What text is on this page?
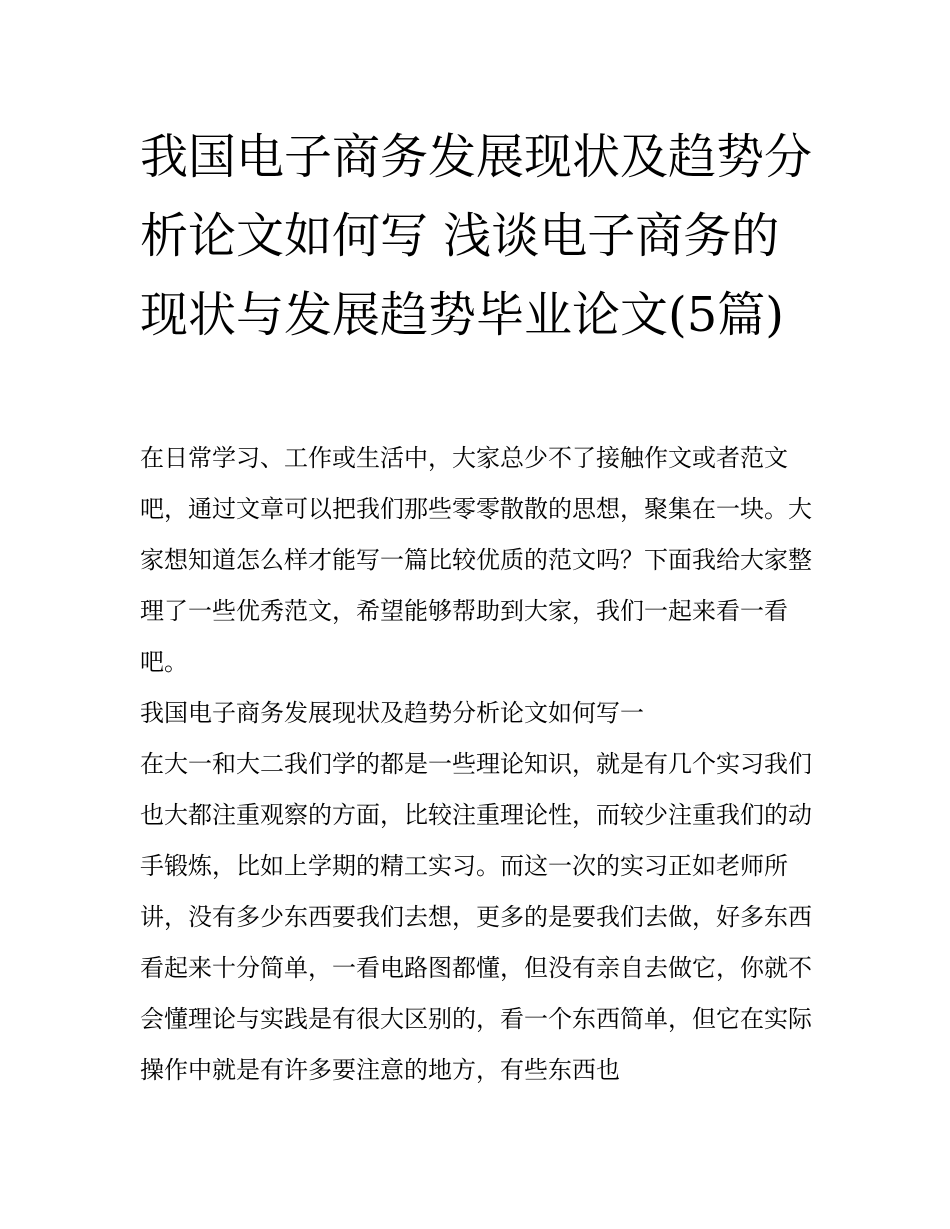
我国电子商务发展现状及趋势分析论文如何写 浅谈电子商务的现状与发展趋势毕业论文(5篇)

在日常学习、工作或生活中，大家总少不了接触作文或者范文吧，通过文章可以把我们那些零零散散的思想，聚集在一块。大家想知道怎么样才能写一篇比较优质的范文吗？下面我给大家整理了一些优秀范文，希望能够帮助到大家，我们一起来看一看吧。

我国电子商务发展现状及趋势分析论文如何写一

在大一和大二我们学的都是一些理论知识，就是有几个实习我们也大都注重观察的方面，比较注重理论性，而较少注重我们的动手锻炼，比如上学期的精工实习。而这一次的实习正如老师所讲，没有多少东西要我们去想，更多的是要我们去做，好多东西看起来十分简单，一看电路图都懂，但没有亲自去做它，你就不会懂理论与实践是有很大区别的，看一个东西简单，但它在实际操作中就是有许多要注意的地方，有些东西也
